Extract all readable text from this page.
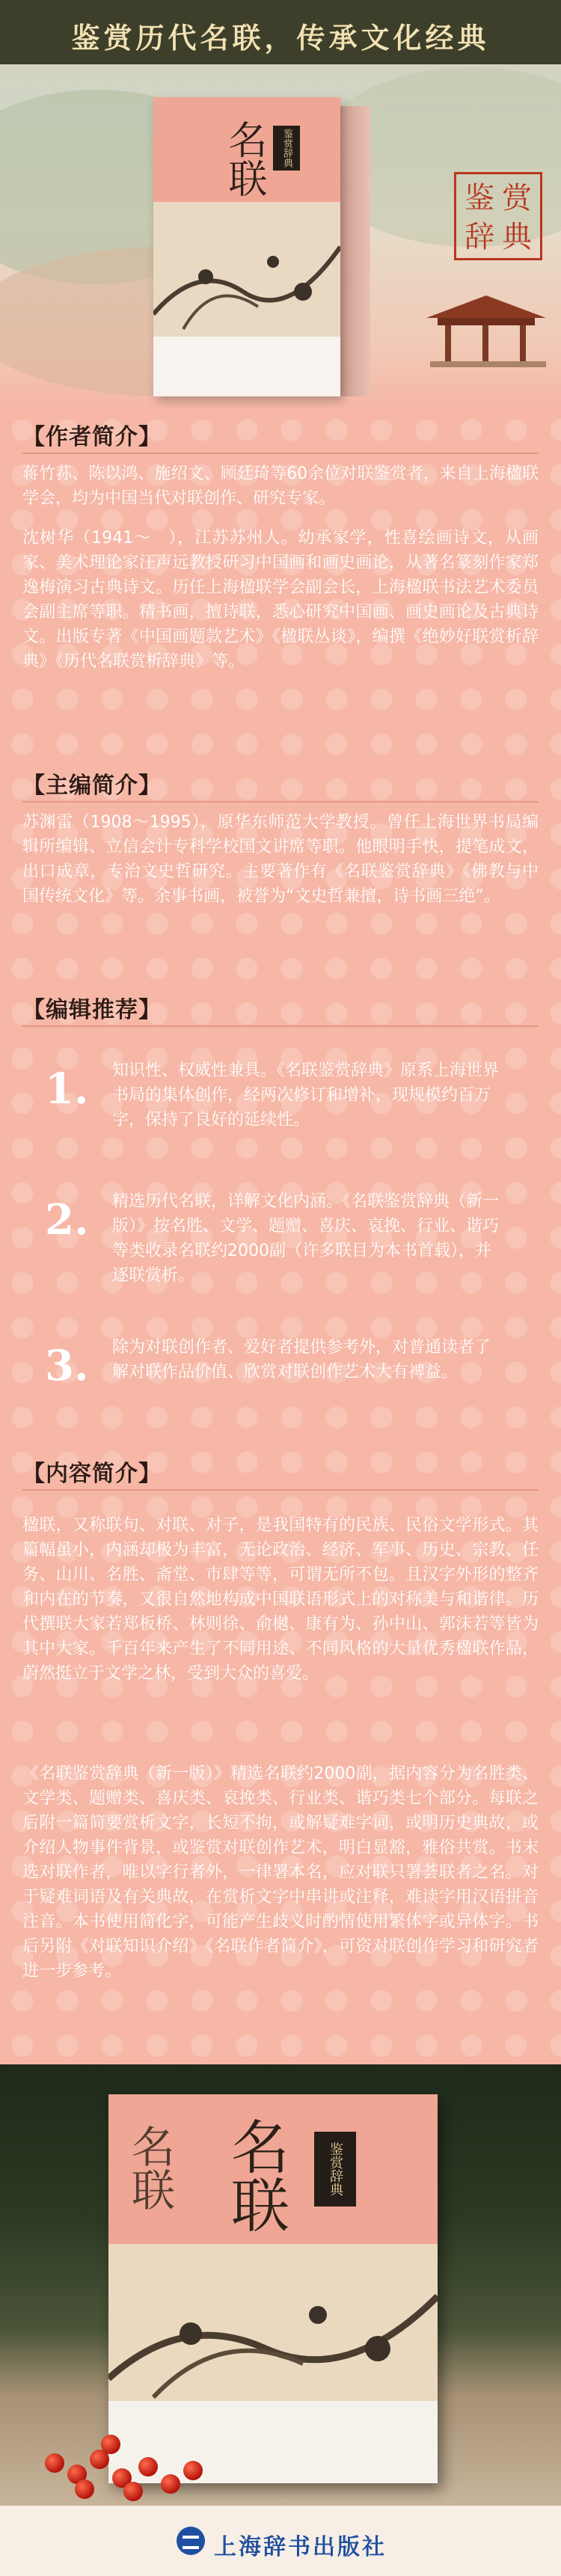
鉴赏历代名联，传承文化经典
鉴 赏
辞 典
名联	鉴赏辞典
【作者简介】

蒋竹荪、陈以鸿、施绍文、顾廷琦等60余位对联鉴赏者，来自上海楹联学会，均为中国当代对联创作、研究专家。

沈树华（1941～　），江苏苏州人。幼承家学，性喜绘画诗文，从画家、美术理论家汪声远教授研习中国画和画史画论，从著名篆刻作家郑逸梅演习古典诗文。历任上海楹联学会副会长，上海楹联书法艺术委员会副主席等职。精书画，擅诗联，悉心研究中国画、画史画论及古典诗文。出版专著《中国画题款艺术》《楹联丛谈》，编撰《绝妙好联赏析辞典》《历代名联赏析辞典》等。

【主编简介】

苏渊雷（1908～1995），原华东师范大学教授。曾任上海世界书局编辑所编辑、立信会计专科学校国文讲席等职。他眼明手快，提笔成文，出口成章，专治文史哲研究。主要著作有《名联鉴赏辞典》《佛教与中国传统文化》等。余事书画，被誉为“文史哲兼擅，诗书画三绝”。

【编辑推荐】
1.	知识性、权威性兼具。《名联鉴赏辞典》原系上海世界书局的集体创作，经两次修订和增补，现规模约百万字，保持了良好的延续性。

2.	精选历代名联，详解文化内涵。《名联鉴赏辞典（新一版）》按名胜、文学、题赠、喜庆、哀挽、行业、谐巧等类收录名联约2000副（许多联目为本书首载），并逐联赏析。

3.	除为对联创作者、爱好者提供参考外，对普通读者了解对联作品价值、欣赏对联创作艺术大有裨益。

【内容简介】

楹联，又称联句、对联、对子，是我国特有的民族、民俗文学形式。其篇幅虽小，内涵却极为丰富，无论政治、经济、军事、历史、宗教、任务、山川、名胜、斋堂、市肆等等，可谓无所不包。且汉字外形的整齐和内在的节奏，又很自然地构成中国联语形式上的对称美与和谐律。历代撰联大家若郑板桥、林则徐、俞樾、康有为、孙中山、郭沫若等皆为其中大家。千百年来产生了不同用途、不同风格的大量优秀楹联作品，蔚然挺立于文学之林，受到大众的喜爱。

《名联鉴赏辞典（新一版）》精选名联约2000副，据内容分为名胜类、文学类、题赠类、喜庆类、哀挽类、行业类、谐巧类七个部分。每联之后附一篇简要赏析文字，长短不拘，或解疑难字词，或明历史典故，或介绍人物事件背景，或鉴赏对联创作艺术，明白显豁，雅俗共赏。书末选对联作者，唯以字行者外，一律署本名，应对联只署荟联者之名。对于疑难词语及有关典故，在赏析文字中串讲或注释，难读字用汉语拼音注音。本书使用简化字，可能产生歧义时酌情使用繁体字或异体字。书后另附《对联知识介绍》《名联作者简介》，可资对联创作学习和研究者进一步参考。

名联 名联	鉴赏辞典
上海辞书出版社
